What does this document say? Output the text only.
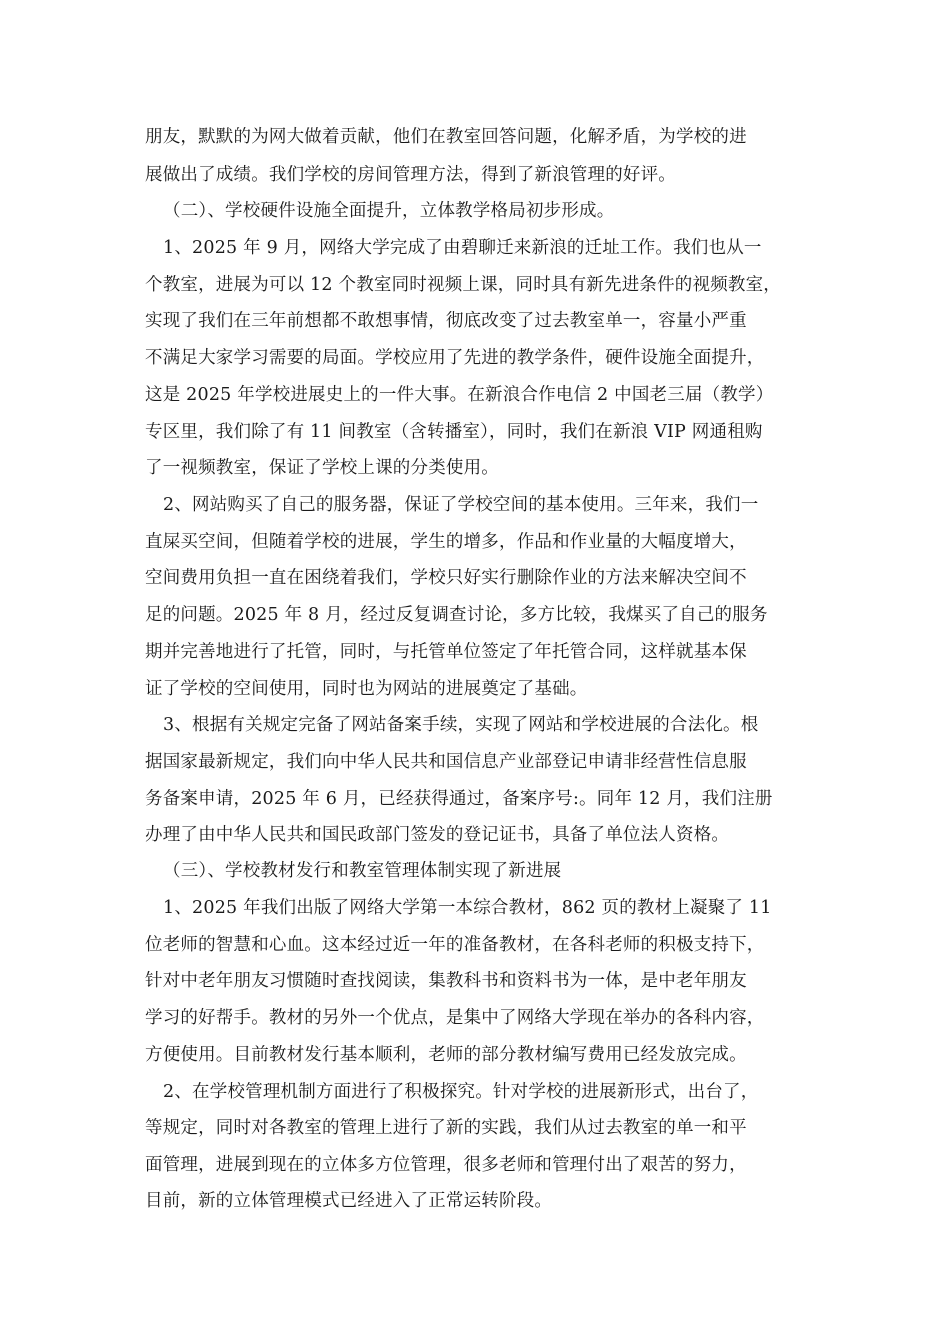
朋友，默默的为网大做着贡献，他们在教室回答问题，化解矛盾，为学校的进
展做出了成绩。我们学校的房间管理方法，得到了新浪管理的好评。
（二）、学校硬件设施全面提升，立体教学格局初步形成。
1、2025 年 9 月，网络大学完成了由碧聊迁来新浪的迁址工作。我们也从一
个教室，进展为可以 12 个教室同时视频上课，同时具有新先进条件的视频教室，
实现了我们在三年前想都不敢想事情，彻底改变了过去教室单一，容量小严重
不满足大家学习需要的局面。学校应用了先进的教学条件，硬件设施全面提升，
这是 2025 年学校进展史上的一件大事。在新浪合作电信 2 中国老三届（教学）
专区里，我们除了有 11 间教室（含转播室），同时，我们在新浪 VIP 网通租购
了一视频教室，保证了学校上课的分类使用。
2、网站购买了自己的服务器，保证了学校空间的基本使用。三年来，我们一
直屎买空间，但随着学校的进展，学生的增多，作品和作业量的大幅度增大，
空间费用负担一直在困绕着我们，学校只好实行删除作业的方法来解决空间不
足的问题。2025 年 8 月，经过反复调查讨论，多方比较，我煤买了自己的服务
期并完善地进行了托管，同时，与托管单位签定了年托管合同，这样就基本保
证了学校的空间使用，同时也为网站的进展奠定了基础。
3、根据有关规定完备了网站备案手续，实现了网站和学校进展的合法化。根
据国家最新规定，我们向中华人民共和国信息产业部登记申请非经营性信息服
务备案申请，2025 年 6 月，已经获得通过，备案序号:。同年 12 月，我们注册
办理了由中华人民共和国民政部门签发的登记证书，具备了单位法人资格。
（三）、学校教材发行和教室管理体制实现了新进展
1、2025 年我们出版了网络大学第一本综合教材，862 页的教材上凝聚了 11
位老师的智慧和心血。这本经过近一年的准备教材，在各科老师的积极支持下，
针对中老年朋友习惯随时查找阅读，集教科书和资料书为一体，是中老年朋友
学习的好帮手。教材的另外一个优点，是集中了网络大学现在举办的各科内容，
方便使用。目前教材发行基本顺利，老师的部分教材编写费用已经发放完成。
2、在学校管理机制方面进行了积极探究。针对学校的进展新形式，出台了，
等规定，同时对各教室的管理上进行了新的实践，我们从过去教室的单一和平
面管理，进展到现在的立体多方位管理，很多老师和管理付出了艰苦的努力，
目前，新的立体管理模式已经进入了正常运转阶段。
